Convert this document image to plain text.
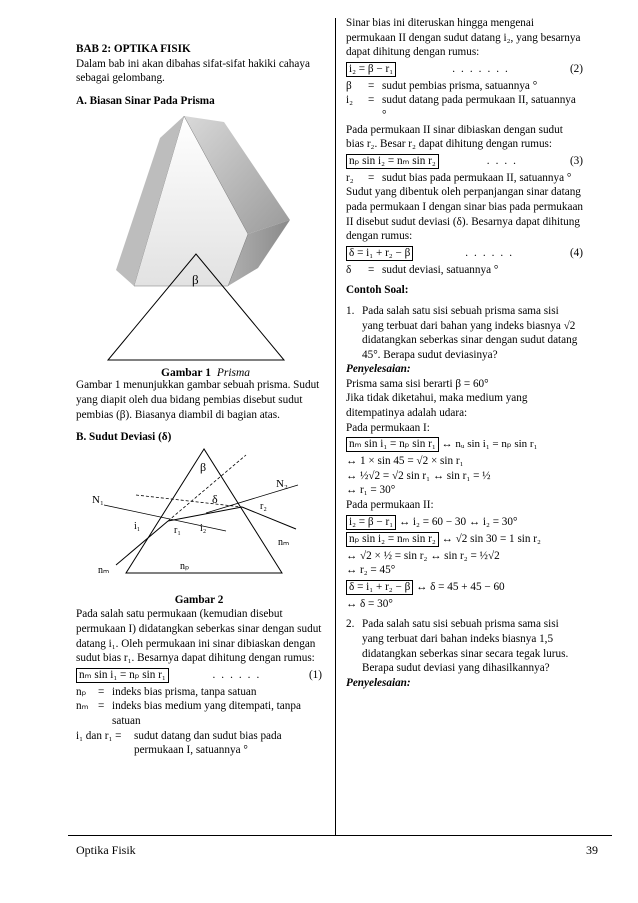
BAB 2: OPTIKA FISIK

Dalam bab ini akan dibahas sifat-sifat hakiki cahaya sebagai gelombang.

A. Biasan Sinar Pada Prisma

β
Gambar 1 Prisma

Gambar 1 menunjukkan gambar sebuah prisma. Sudut yang diapit oleh dua bidang pembias disebut sudut pembias (β). Biasanya diambil di bagian atas.

B. Sudut Deviasi (δ)

β
δ
N₁
N₂
i₁	r₁ i₂
r₂
nₘ	nₚ
nₘ

Gambar 2

Pada salah satu permukaan (kemudian disebut permukaan I) didatangkan seberkas sinar dengan sudut datang i₁. Oleh permukaan ini sinar dibiaskan dengan sudut bias r₁. Besarnya dapat dihitung dengan rumus:

nₘ sin i₁ = nₚ sin r₁	......	(1)
nₚ	= indeks bias prisma, tanpa satuan
nₘ = indeks bias medium yang ditempati, tanpa satuan
i₁ dan r₁ =	sudut datang dan sudut bias pada permukaan I, satuannya °

Sinar bias ini diteruskan hingga mengenai permukaan II dengan sudut datang i₂, yang besarnya dapat dihitung dengan rumus:

i₂ = β − r₁	.......	(2)
β	= sudut pembias prisma, satuannya °
i₂	= sudut datang pada permukaan II, satuannya °

Pada permukaan II sinar dibiaskan dengan sudut bias r₂. Besar r₂ dapat dihitung dengan rumus:

nₚ sin i₂ = nₘ sin r₂	....	(3)
r₂	= sudut bias pada permukaan II, satuannya °

Sudut yang dibentuk oleh perpanjangan sinar datang pada permukaan I dengan sinar bias pada permukaan II disebut sudut deviasi (δ). Besarnya dapat dihitung dengan rumus:

δ = i₁ + r₂ − β	......	(4)
δ	= sudut deviasi, satuannya °

Contoh Soal:

1. Pada salah satu sisi sebuah prisma sama sisi yang terbuat dari bahan yang indeks biasnya √2 didatangkan seberkas sinar dengan sudut datang 45°. Berapa sudut deviasinya?

Penyelesaian:

Prisma sama sisi berarti β = 60°

Jika tidak diketahui, maka medium yang ditempatinya adalah udara:

Pada permukaan I:

nₘ sin i₁ = nₚ sin r₁ ↔ nᵤ sin i₁ = nₚ sin r₁

↔ 1 × sin 45 = √2 × sin r₁

↔ ½√2 = √2 sin r₁ ↔ sin r₁ = ½

↔ r₁ = 30°

Pada permukaan II:

i₂ = β − r₁ ↔ i₂ = 60 − 30 ↔ i₂ = 30°

nₚ sin i₂ = nₘ sin r₂ ↔ √2 sin 30 = 1 sin r₂

↔ √2 × ½ = sin r₂ ↔ sin r₂ = ½√2

↔ r₂ = 45°

δ = i₁ + r₂ − β ↔ δ = 45 + 45 − 60

↔ δ = 30°

2. Pada salah satu sisi sebuah prisma sama sisi yang terbuat dari bahan indeks biasnya 1,5 didatangkan seberkas sinar secara tegak lurus. Berapa sudut deviasi yang dihasilkannya?

Penyelesaian:

Optika Fisik	39
